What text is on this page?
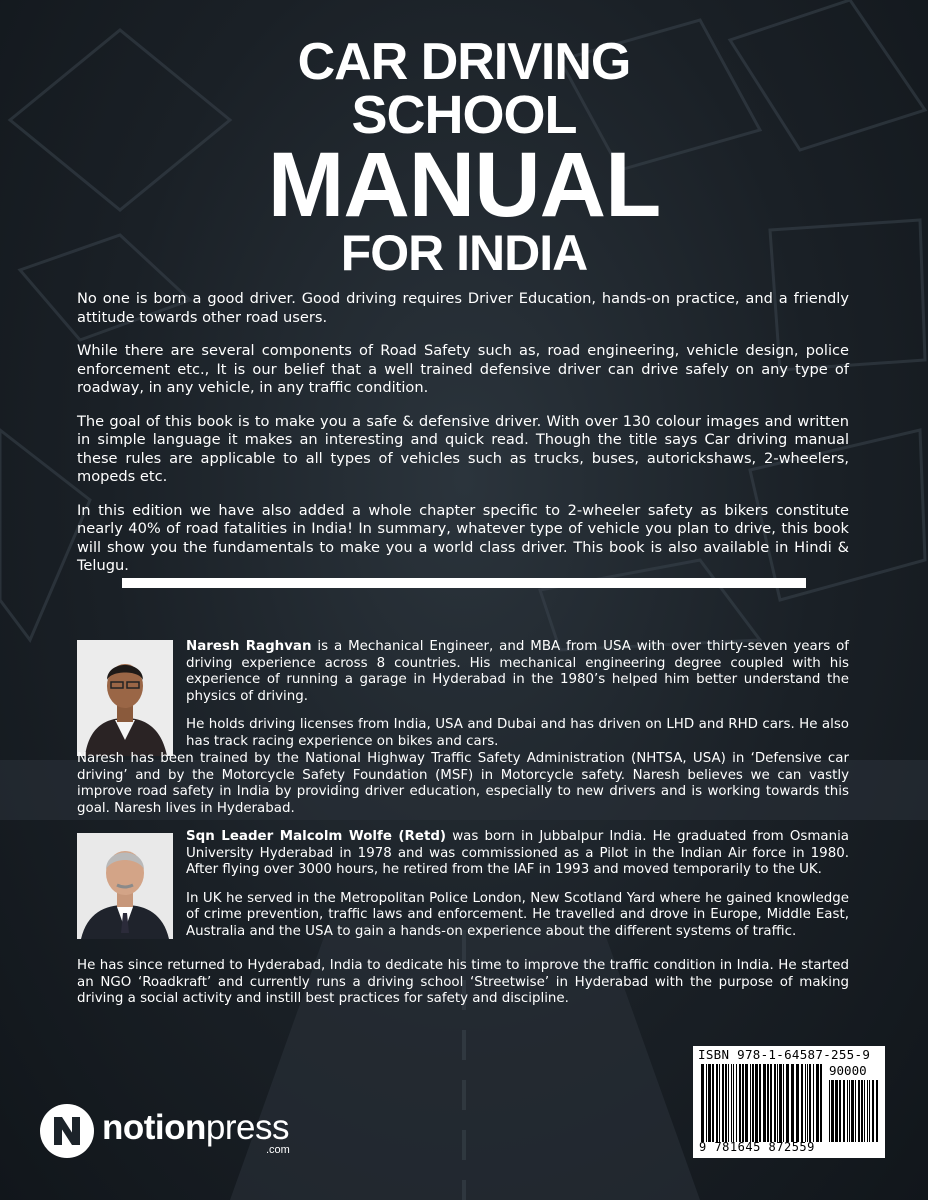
CAR DRIVING
SCHOOL
MANUAL
FOR INDIA

No one is born a good driver. Good driving requires Driver Education, hands-on practice, and a friendly attitude towards other road users.

While there are several components of Road Safety such as, road engineering, vehicle design, police enforcement etc., It is our belief that a well trained defensive driver can drive safely on any type of roadway, in any vehicle, in any traffic condition.

The goal of this book is to make you a safe & defensive driver. With over 130 colour images and written in simple language it makes an interesting and quick read. Though the title says Car driving manual these rules are applicable to all types of vehicles such as trucks, buses, autorickshaws, 2-wheelers, mopeds etc.

In this edition we have also added a whole chapter specific to 2-wheeler safety as bikers constitute nearly 40% of road fatalities in India! In summary, whatever type of vehicle you plan to drive, this book will show you the fundamentals to make you a world class driver. This book is also available in Hindi & Telugu.

Naresh Raghvan is a Mechanical Engineer, and MBA from USA with over thirty-seven years of driving experience across 8 countries. His mechanical engineering degree coupled with his experience of running a garage in Hyderabad in the 1980’s helped him better understand the physics of driving.

He holds driving licenses from India, USA and Dubai and has driven on LHD and RHD cars. He also has track racing experience on bikes and cars.

Naresh has been trained by the National Highway Traffic Safety Administration (NHTSA, USA) in ‘Defensive car driving’ and by the Motorcycle Safety Foundation (MSF) in Motorcycle safety. Naresh believes we can vastly improve road safety in India by providing driver education, especially to new drivers and is working towards this goal. Naresh lives in Hyderabad.

Sqn Leader Malcolm Wolfe (Retd) was born in Jubbalpur India. He graduated from Osmania University Hyderabad in 1978 and was commissioned as a Pilot in the Indian Air force in 1980. After flying over 3000 hours, he retired from the IAF in 1993 and moved temporarily to the UK.

In UK he served in the Metropolitan Police London, New Scotland Yard where he gained knowledge of crime prevention, traffic laws and enforcement. He travelled and drove in Europe, Middle East, Australia and the USA to gain a hands-on experience about the different systems of traffic.

He has since returned to Hyderabad, India to dedicate his time to improve the traffic condition in India. He started an NGO ‘Roadkraft’ and currently runs a driving school ‘Streetwise’ in Hyderabad with the purpose of making driving a social activity and instill best practices for safety and discipline.

ISBN 978-1-64587-255-9
90000
9 781645 872559
notionpress
.com
